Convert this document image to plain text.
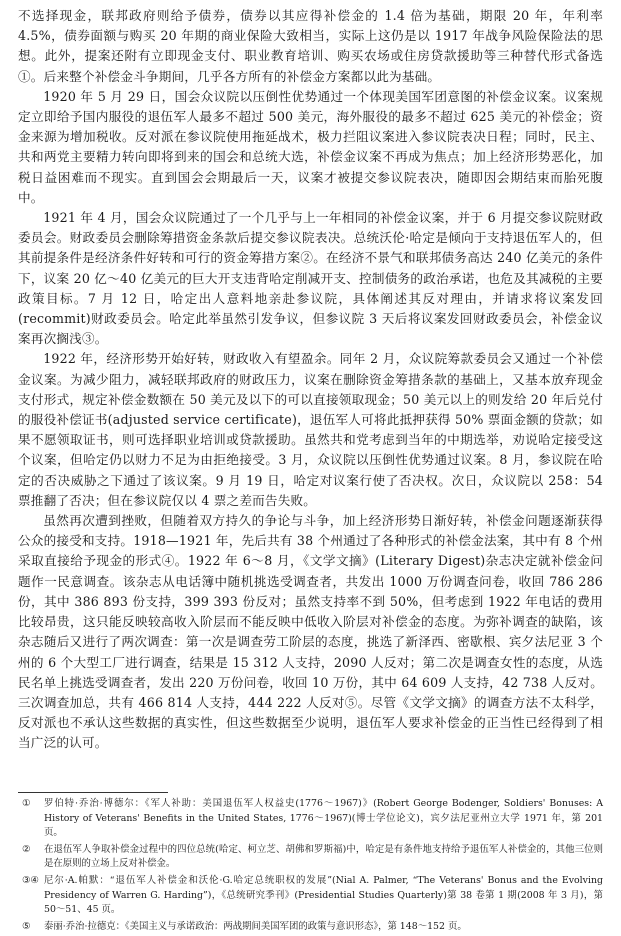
不选择现金，联邦政府则给予债券，债券以其应得补偿金的 1.4 倍为基础，期限 20 年，年利率 4.5%，债券面额与购买 20 年期的商业保险大致相当，实际上这仍是以 1917 年战争风险保险法的思想。此外，提案还附有立即现金支付、职业教育培训、购买农场或住房贷款援助等三种替代形式备选①。后来整个补偿金斗争期间，几乎各方所有的补偿金方案都以此为基础。

1920 年 5 月 29 日，国会众议院以压倒性优势通过一个体现美国军团意图的补偿金议案。议案规定立即给予国内服役的退伍军人最多不超过 500 美元，海外服役的最多不超过 625 美元的补偿金；资金来源为增加税收。反对派在参议院使用拖延战术，极力拦阻议案进入参议院表决日程；同时，民主、共和两党主要精力转向即将到来的国会和总统大选，补偿金议案不再成为焦点；加上经济形势恶化，加税日益困难而不现实。直到国会会期最后一天，议案才被提交参议院表决，随即因会期结束而胎死腹中。

1921 年 4 月，国会众议院通过了一个几乎与上一年相同的补偿金议案，并于 6 月提交参议院财政委员会。财政委员会删除筹措资金条款后提交参议院表决。总统沃伦·哈定是倾向于支持退伍军人的，但其前提条件是经济条件好转和可行的资金筹措方案②。在经济不景气和联邦债务高达 240 亿美元的条件下，议案 20 亿～40 亿美元的巨大开支违背哈定削减开支、控制债务的政治承诺，也危及其减税的主要政策目标。7 月 12 日，哈定出人意料地亲赴参议院，具体阐述其反对理由，并请求将议案发回(recommit)财政委员会。哈定此举虽然引发争议，但参议院 3 天后将议案发回财政委员会，补偿金议案再次搁浅③。

1922 年，经济形势开始好转，财政收入有望盈余。同年 2 月，众议院筹款委员会又通过一个补偿金议案。为减少阻力，减轻联邦政府的财政压力，议案在删除资金筹措条款的基础上，又基本放弃现金支付形式，规定补偿金数额在 50 美元及以下的可以直接领取现金；50 美元以上的则发给 20 年后兑付的服役补偿证书(adjusted service certificate)，退伍军人可将此抵押获得 50% 票面金额的贷款；如果不愿领取证书，则可选择职业培训或贷款援助。虽然共和党考虑到当年的中期选举，劝说哈定接受这个议案，但哈定仍以财力不足为由拒绝接受。3 月，众议院以压倒性优势通过议案。8 月，参议院在哈定的否决威胁之下通过了该议案。9 月 19 日，哈定对议案行使了否决权。次日，众议院以 258：54 票推翻了否决；但在参议院仅以 4 票之差而告失败。

虽然再次遭到挫败，但随着双方持久的争论与斗争，加上经济形势日渐好转，补偿金问题逐渐获得公众的接受和支持。1918—1921 年，先后共有 38 个州通过了各种形式的补偿金法案，其中有 8 个州采取直接给予现金的形式④。1922 年 6～8 月，《文学文摘》(Literary Digest)杂志决定就补偿金问题作一民意调查。该杂志从电话簿中随机挑选受调查者，共发出 1000 万份调查问卷，收回 786 286 份，其中 386 893 份支持，399 393 份反对；虽然支持率不到 50%，但考虑到 1922 年电话的费用比较昂贵，这只能反映较高收入阶层而不能反映中低收入阶层对补偿金的态度。为弥补调查的缺陷，该杂志随后又进行了两次调查：第一次是调查劳工阶层的态度，挑选了新泽西、密歇根、宾夕法尼亚 3 个州的 6 个大型工厂进行调查，结果是 15 312 人支持，2090 人反对；第二次是调查女性的态度，从选民名单上挑选受调查者，发出 220 万份问卷，收回 10 万份，其中 64 609 人支持，42 738 人反对。三次调查加总，共有 466 814 人支持，444 222 人反对⑤。尽管《文学文摘》的调查方法不太科学，反对派也不承认这些数据的真实性，但这些数据至少说明，退伍军人要求补偿金的正当性已经得到了相当广泛的认可。

①	罗伯特·乔治·博德尔：《军人补助：美国退伍军人权益史(1776～1967)》(Robert George Bodenger, Soldiers' Bonuses: A History of Veterans' Benefits in the United States, 1776～1967)(博士学位论文)，宾夕法尼亚州立大学 1971 年，第 201 页。
②	在退伍军人争取补偿金过程中的四位总统(哈定、柯立芝、胡佛和罗斯福)中，哈定是有条件地支持给予退伍军人补偿金的，其他三位则是在原则的立场上反对补偿金。
③④ 尼尔·A.帕默：“退伍军人补偿金和沃伦·G.哈定总统职权的发展”(Nial A. Palmer, “The Veterans' Bonus and the Evolving Presidency of Warren G. Harding”)，《总统研究季刊》(Presidential Studies Quarterly)第 38 卷第 1 期(2008 年 3 月)，第 50～51、45 页。
⑤	泰丽·乔治·拉德克：《美国主义与承诺政治：两战期间美国军团的政策与意识形态》，第 148～152 页。
